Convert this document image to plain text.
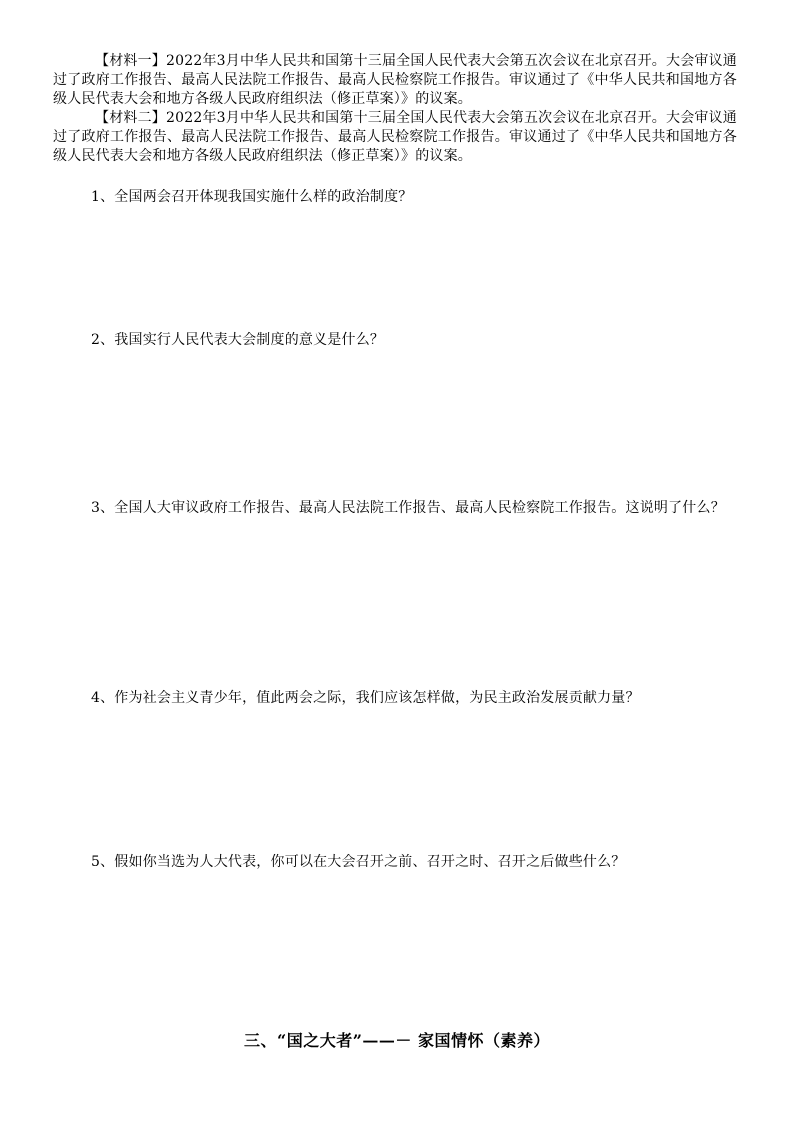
【材料一】2022年3月中华人民共和国第十三届全国人民代表大会第五次会议在北京召开。大会审议通过了政府工作报告、最高人民法院工作报告、最高人民检察院工作报告。审议通过了《中华人民共和国地方各级人民代表大会和地方各级人民政府组织法（修正草案）》的议案。

【材料二】2022年3月中华人民共和国第十三届全国人民代表大会第五次会议在北京召开。大会审议通过了政府工作报告、最高人民法院工作报告、最高人民检察院工作报告。审议通过了《中华人民共和国地方各级人民代表大会和地方各级人民政府组织法（修正草案）》的议案。

1、全国两会召开体现我国实施什么样的政治制度？

2、我国实行人民代表大会制度的意义是什么？

3、全国人大审议政府工作报告、最高人民法院工作报告、最高人民检察院工作报告。这说明了什么？

4、作为社会主义青少年，值此两会之际，我们应该怎样做，为民主政治发展贡献力量？

5、假如你当选为人大代表，你可以在大会召开之前、召开之时、召开之后做些什么？

三、“国之大者”——－ 家国情怀（素养）
